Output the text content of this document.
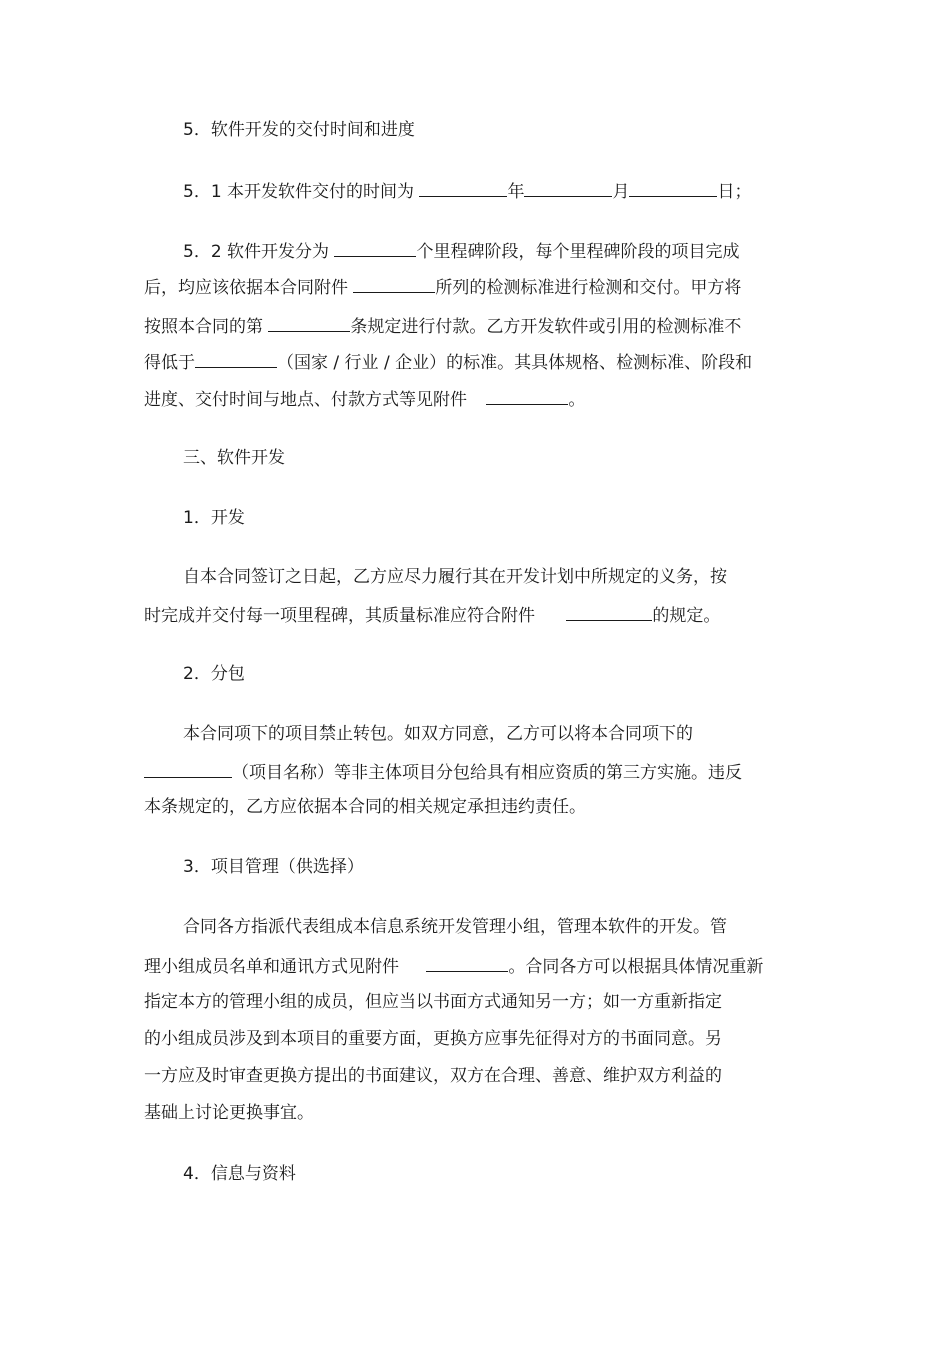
5．软件开发的交付时间和进度
5．1 本开发软件交付的时间为	年	月	日；
5．2 软件开发分为	个里程碑阶段，每个里程碑阶段的项目完成
后，均应该依据本合同附件	所列的检测标准进行检测和交付。甲方将
按照本合同的第	条规定进行付款。乙方开发软件或引用的检测标准不
得低于	（国家 / 行业 / 企业）的标准。其具体规格、检测标准、阶段和
进度、交付时间与地点、付款方式等见附件	。
三、软件开发
1．开发
自本合同签订之日起，乙方应尽力履行其在开发计划中所规定的义务，按
时完成并交付每一项里程碑，其质量标准应符合附件	的规定。
2．分包
本合同项下的项目禁止转包。如双方同意，乙方可以将本合同项下的
（项目名称）等非主体项目分包给具有相应资质的第三方实施。违反
本条规定的，乙方应依据本合同的相关规定承担违约责任。
3．项目管理（供选择）
合同各方指派代表组成本信息系统开发管理小组，管理本软件的开发。管
理小组成员名单和通讯方式见附件	。合同各方可以根据具体情况重新
指定本方的管理小组的成员，但应当以书面方式通知另一方；如一方重新指定
的小组成员涉及到本项目的重要方面，更换方应事先征得对方的书面同意。另
一方应及时审查更换方提出的书面建议，双方在合理、善意、维护双方利益的
基础上讨论更换事宜。
4．信息与资料
